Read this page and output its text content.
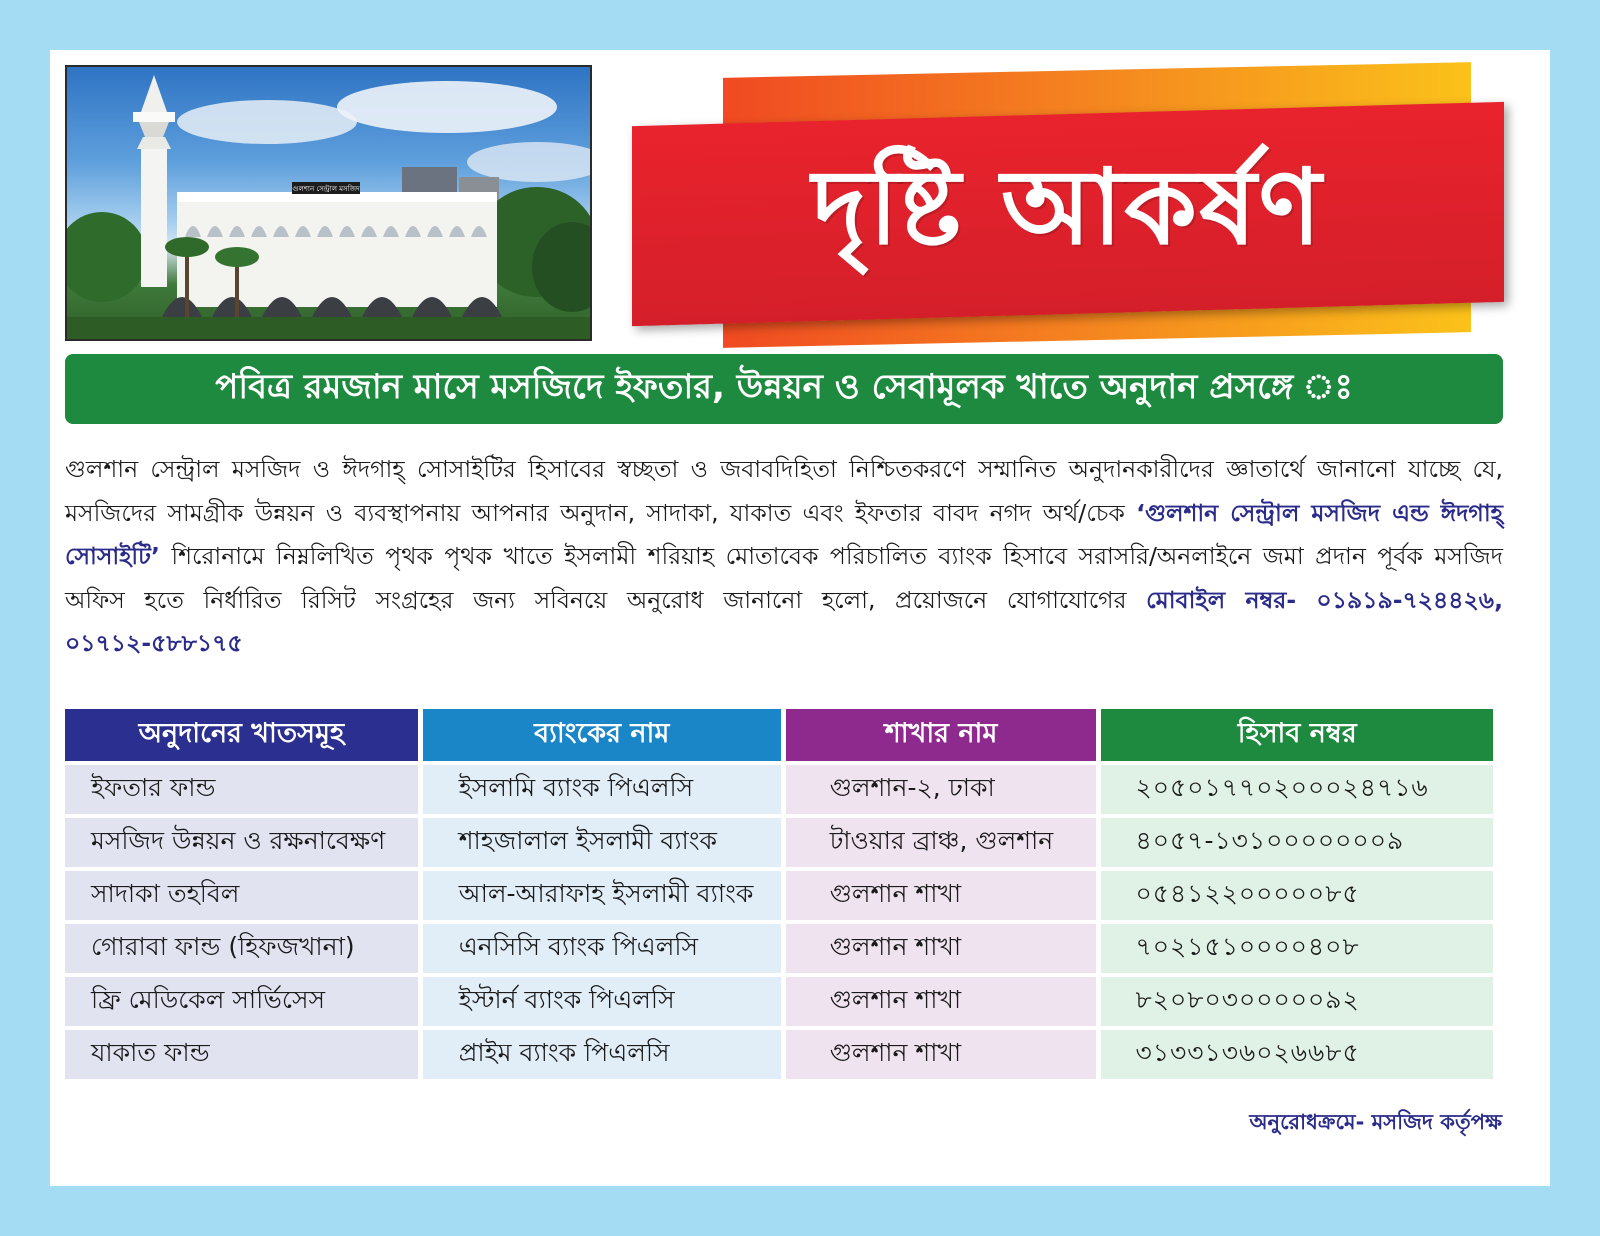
গুলশান সেন্ট্রাল মসজিদ	দৃষ্টি আকর্ষণ
পবিত্র রমজান মাসে মসজিদে ইফতার, উন্নয়ন ও সেবামূলক খাতে অনুদান প্রসঙ্গে ঃ
গুলশান সেন্ট্রাল মসজিদ ও ঈদগাহ্ সোসাইটির হিসাবের স্বচ্ছতা ও জবাবদিহিতা নিশ্চিতকরণে সম্মানিত অনুদানকারীদের জ্ঞাতার্থে জানানো যাচ্ছে যে, মসজিদের সামগ্রীক উন্নয়ন ও ব্যবস্থাপনায় আপনার অনুদান, সাদাকা, যাকাত এবং ইফতার বাবদ নগদ অর্থ/চেক ‘গুলশান সেন্ট্রাল মসজিদ এন্ড ঈদগাহ্ সোসাইটি’ শিরোনামে নিম্নলিখিত পৃথক পৃথক খাতে ইসলামী শরিয়াহ মোতাবেক পরিচালিত ব্যাংক হিসাবে সরাসরি/অনলাইনে জমা প্রদান পূর্বক মসজিদ অফিস হতে নির্ধারিত রিসিট সংগ্রহের জন্য সবিনয়ে অনুরোধ জানানো হলো, প্রয়োজনে যোগাযোগের মোবাইল নম্বর- ০১৯১৯-৭২৪৪২৬, ০১৭১২-৫৮৮১৭৫
অনুদানের খাতসমূহ	ব্যাংকের নাম	শাখার নাম	হিসাব নম্বর
ইফতার ফান্ড	ইসলামি ব্যাংক পিএলসি	গুলশান-২, ঢাকা	২০৫০১৭৭০২০০০২৪৭১৬
মসজিদ উন্নয়ন ও রক্ষনাবেক্ষণ	শাহজালাল ইসলামী ব্যাংক	টাওয়ার ব্রাঞ্চ, গুলশান	৪০৫৭-১৩১০০০০০০০৯
সাদাকা তহবিল	আল-আরাফাহ ইসলামী ব্যাংক	গুলশান শাখা	০৫৪১২২০০০০০৮৫
গোরাবা ফান্ড (হিফজখানা)	এনসিসি ব্যাংক পিএলসি	গুলশান শাখা	৭০২১৫১০০০০৪০৮
ফ্রি মেডিকেল সার্ভিসেস	ইস্টার্ন ব্যাংক পিএলসি	গুলশান শাখা	৮২০৮০৩০০০০০৯২
যাকাত ফান্ড	প্রাইম ব্যাংক পিএলসি	গুলশান শাখা	৩১৩৩১৩৬০২৬৬৮৫
অনুরোধক্রমে- মসজিদ কর্তৃপক্ষ
